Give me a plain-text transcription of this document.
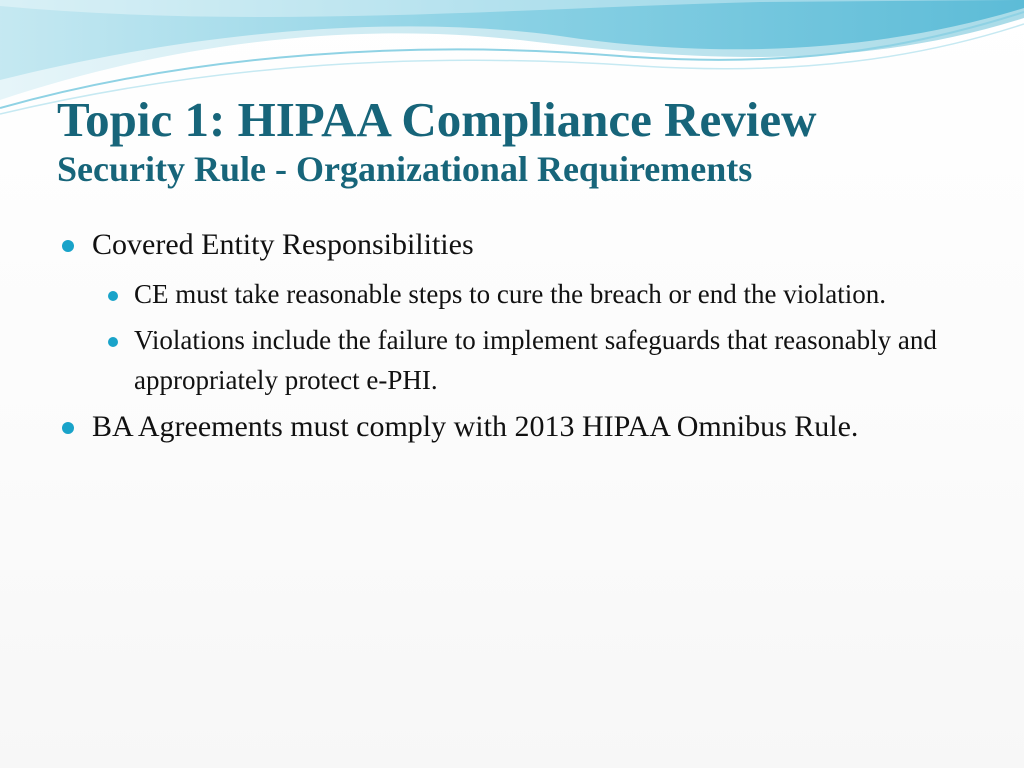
Topic 1: HIPAA Compliance Review
Security Rule - Organizational Requirements
Covered Entity Responsibilities
CE must take reasonable steps to cure the breach or end the violation.
Violations include the failure to implement safeguards that reasonably and appropriately protect e-PHI.
BA Agreements must comply with 2013 HIPAA Omnibus Rule.
